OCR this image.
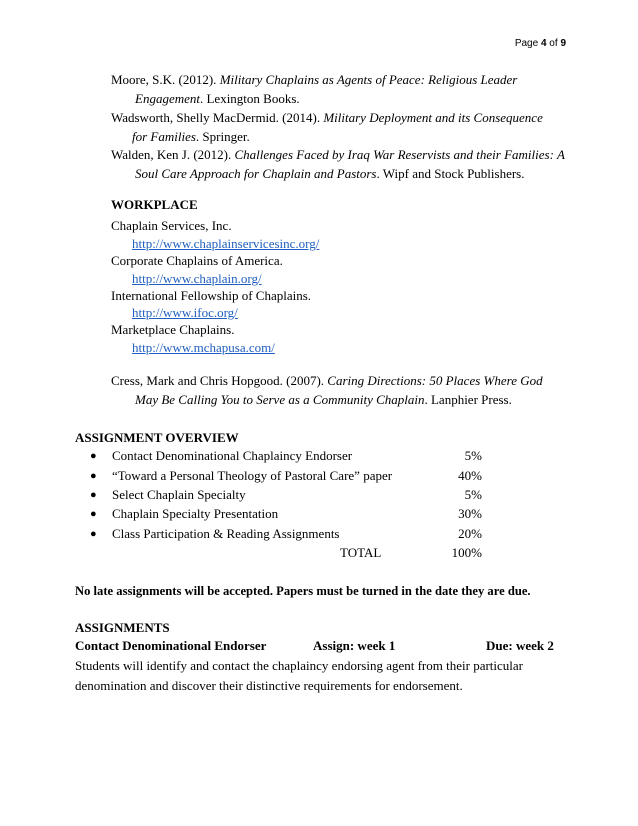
Page 4 of 9
Moore, S.K. (2012). Military Chaplains as Agents of Peace: Religious Leader
Engagement. Lexington Books.
Wadsworth, Shelly MacDermid. (2014). Military Deployment and its Consequence
for Families. Springer.
Walden, Ken J. (2012). Challenges Faced by Iraq War Reservists and their Families: A
Soul Care Approach for Chaplain and Pastors. Wipf and Stock Publishers.
WORKPLACE
Chaplain Services, Inc.
http://www.chaplainservicesinc.org/
Corporate Chaplains of America.
http://www.chaplain.org/
International Fellowship of Chaplains.
http://www.ifoc.org/
Marketplace Chaplains.
http://www.mchapusa.com/
Cress, Mark and Chris Hopgood. (2007). Caring Directions: 50 Places Where God
May Be Calling You to Serve as a Community Chaplain. Lanphier Press.
ASSIGNMENT OVERVIEW
● Contact Denominational Chaplaincy Endorser	5%
● “Toward a Personal Theology of Pastoral Care” paper	40%
● Select Chaplain Specialty	5%
● Chaplain Specialty Presentation	30%
● Class Participation & Reading Assignments	20%
TOTAL	100%
No late assignments will be accepted. Papers must be turned in the date they are due.
ASSIGNMENTS
Contact Denominational Endorser	Assign: week 1	Due: week 2
Students will identify and contact the chaplaincy endorsing agent from their particular
denomination and discover their distinctive requirements for endorsement.
